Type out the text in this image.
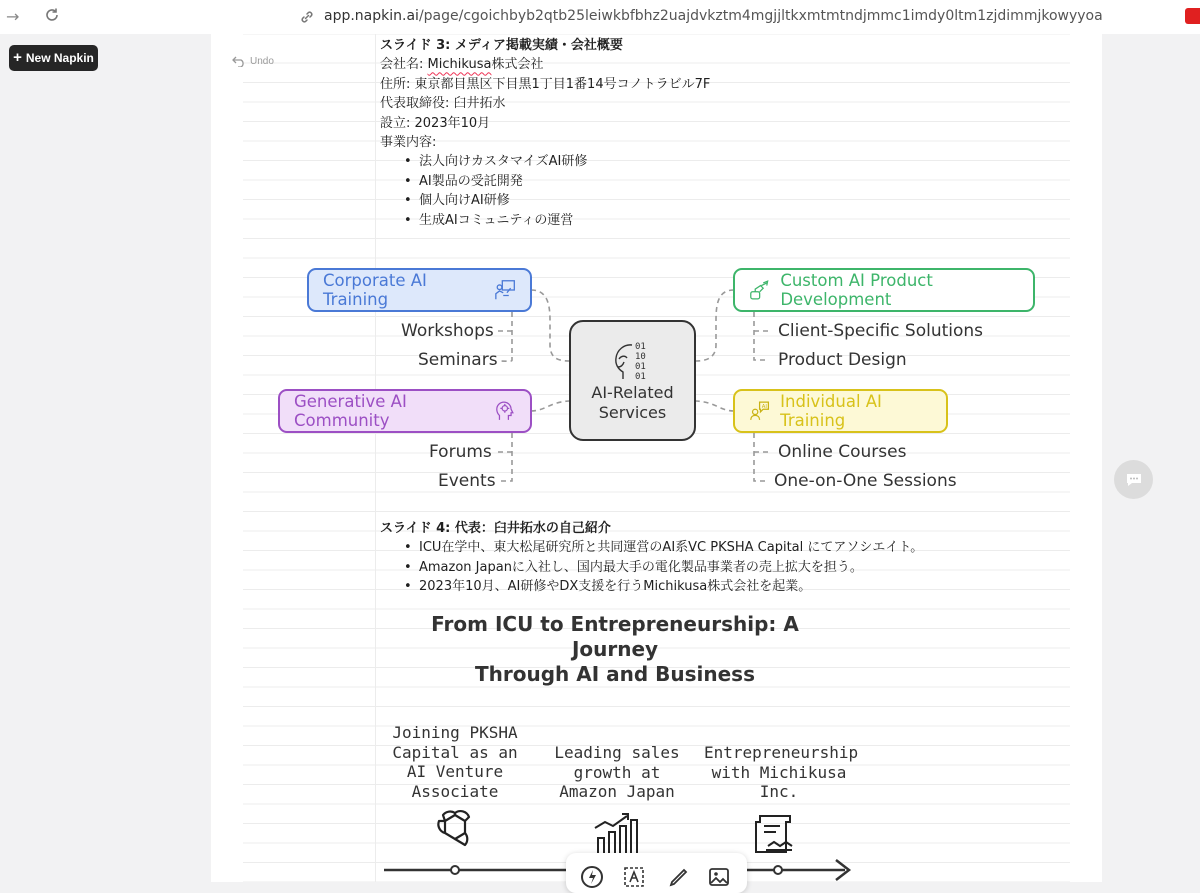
→	app.napkin.ai/page/cgoichbyb2qtb25leiwkbfbhz2uajdvkztm4mgjjltkxmtmtndjmmc1imdy0ltm1zjdimmjkowyyoa
+ New Napkin	Undo
スライド 3: メディア掲載実績・会社概要
会社名: Michikusa株式会社
住所: 東京都目黒区下目黒1丁目1番14号コノトラビル7F
代表取締役: 臼井拓水
設立: 2023年10月
事業内容:
• 法人向けカスタマイズAI研修
• AI製品の受託開発
• 個人向けAI研修
• 生成AIコミュニティの運営
Corporate AI Training
Workshops
Seminars
Generative AI Community
Forums
Events
01
10
01
01
AI-Related
Services
Custom AI Product Development
Client-Specific Solutions
Product Design
Individual AI Training
AI
Online Courses
One-on-One Sessions
スライド 4: 代表：臼井拓水の自己紹介
• ICU在学中、東大松尾研究所と共同運営のAI系VC PKSHA Capital にてアソシエイト。
• Amazon Japanに入社し、国内最大手の電化製品事業者の売上拡大を担う。
• 2023年10月、AI研修やDX支援を行うMichikusa株式会社を起業。
From ICU to Entrepreneurship: A Journey
Through AI and Business
Joining PKSHA Capital as an AI Venture Associate
Leading sales growth at Amazon Japan
Entrepreneurship with Michikusa Inc.
